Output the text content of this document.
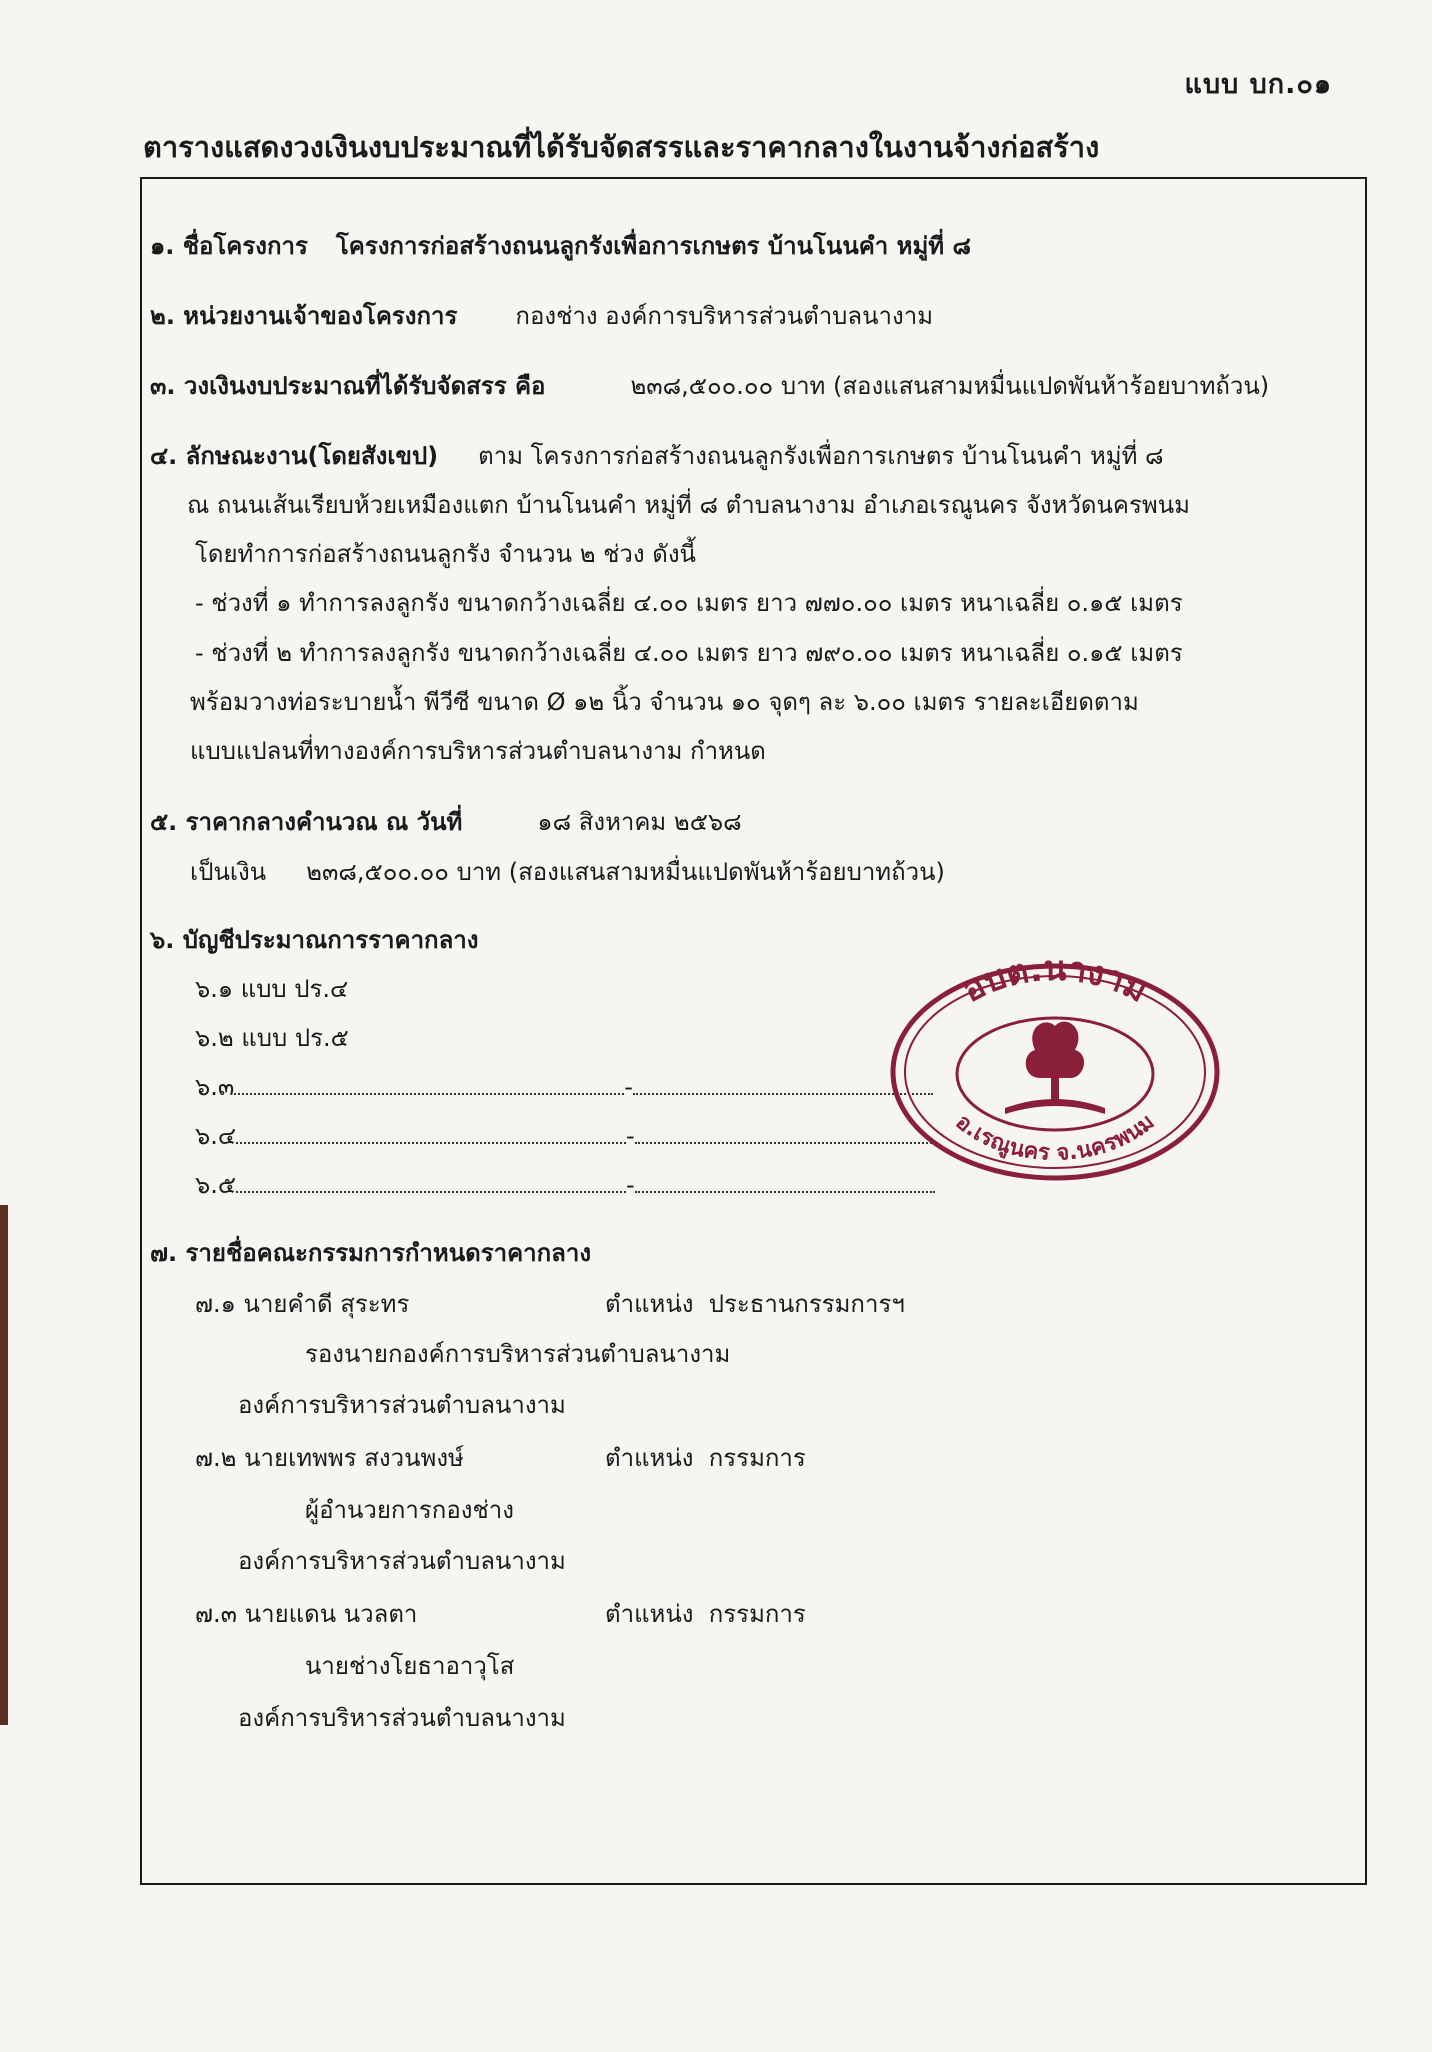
แบบ บก.๐๑
ตารางแสดงวงเงินงบประมาณที่ได้รับจัดสรรและราคากลางในงานจ้างก่อสร้าง
๑. ชื่อโครงการ โครงการก่อสร้างถนนลูกรังเพื่อการเกษตร บ้านโนนคำ หมู่ที่ ๘
๒. หน่วยงานเจ้าของโครงการ กองช่าง องค์การบริหารส่วนตำบลนางาม
๓. วงเงินงบประมาณที่ได้รับจัดสรร คือ	๒๓๘,๕๐๐.๐๐ บาท (สองแสนสามหมื่นแปดพันห้าร้อยบาทถ้วน)
๔. ลักษณะงาน(โดยสังเขป) ตาม โครงการก่อสร้างถนนลูกรังเพื่อการเกษตร บ้านโนนคำ หมู่ที่ ๘
ณ ถนนเส้นเรียบห้วยเหมืองแตก บ้านโนนคำ หมู่ที่ ๘ ตำบลนางาม อำเภอเรณูนคร จังหวัดนครพนม
โดยทำการก่อสร้างถนนลูกรัง จำนวน ๒ ช่วง ดังนี้
- ช่วงที่ ๑ ทำการลงลูกรัง ขนาดกว้างเฉลี่ย ๔.๐๐ เมตร ยาว ๗๗๐.๐๐ เมตร หนาเฉลี่ย ๐.๑๕ เมตร
- ช่วงที่ ๒ ทำการลงลูกรัง ขนาดกว้างเฉลี่ย ๔.๐๐ เมตร ยาว ๗๙๐.๐๐ เมตร หนาเฉลี่ย ๐.๑๕ เมตร
พร้อมวางท่อระบายน้ำ พีวีซี ขนาด Ø ๑๒ นิ้ว จำนวน ๑๐ จุดๆ ละ ๖.๐๐ เมตร รายละเอียดตาม
แบบแปลนที่ทางองค์การบริหารส่วนตำบลนางาม กำหนด
๕. ราคากลางคำนวณ ณ วันที่	๑๘ สิงหาคม ๒๕๖๘
เป็นเงิน ๒๓๘,๕๐๐.๐๐ บาท (สองแสนสามหมื่นแปดพันห้าร้อยบาทถ้วน)
๖. บัญชีประมาณการราคากลาง
๖.๑ แบบ ปร.๔
๖.๒ แบบ ปร.๕
๖.๓	-
๖.๔	-
๖.๕	-
๗. รายชื่อคณะกรรมการกำหนดราคากลาง
๗.๑ นายคำดี สุระทร	ตำแหน่ง ประธานกรรมการฯ
รองนายกองค์การบริหารส่วนตำบลนางาม
องค์การบริหารส่วนตำบลนางาม
๗.๒ นายเทพพร สงวนพงษ์	ตำแหน่ง กรรมการ
ผู้อำนวยการกองช่าง
องค์การบริหารส่วนตำบลนางาม
๗.๓ นายแดน นวลตา	ตำแหน่ง กรรมการ
นายช่างโยธาอาวุโส
องค์การบริหารส่วนตำบลนางาม
อบต.นางาม
อ.เรณูนคร จ.นครพนม
